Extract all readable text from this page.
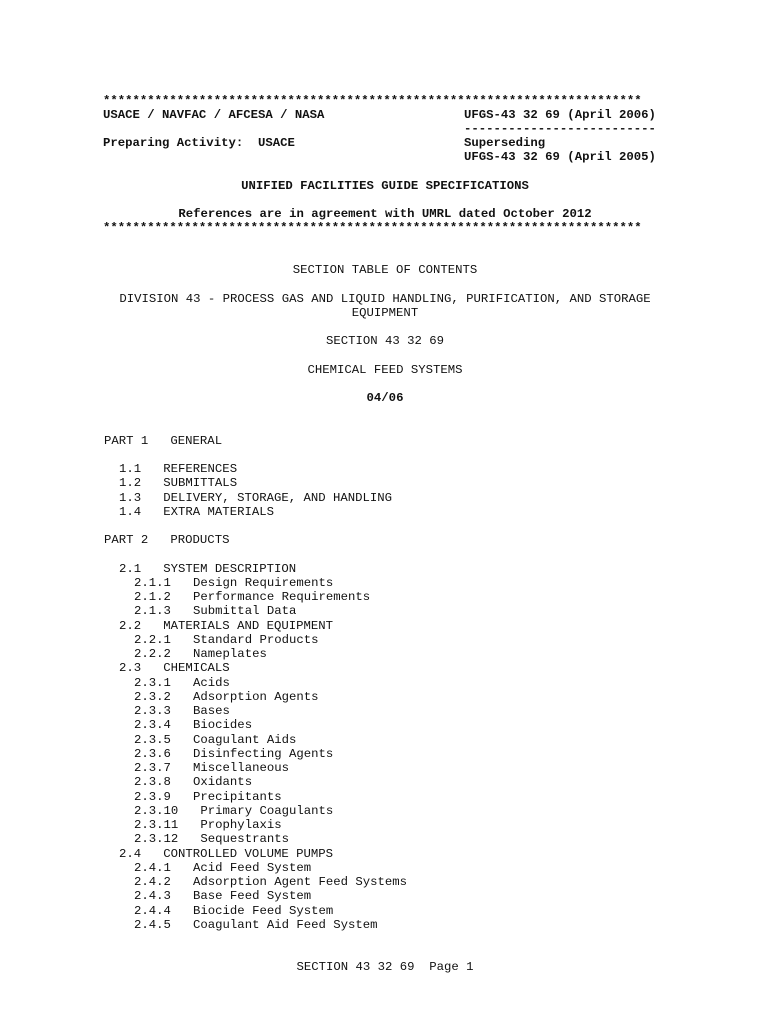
*************************************************************************
USACE / NAVFAC / AFCESA / NASA	UFGS-43 32 69 (April 2006)
--------------------------
Preparing Activity:  USACE	Superseding
UFGS-43 32 69 (April 2005)
UNIFIED FACILITIES GUIDE SPECIFICATIONS
References are in agreement with UMRL dated October 2012
*************************************************************************
SECTION TABLE OF CONTENTS
DIVISION 43 - PROCESS GAS AND LIQUID HANDLING, PURIFICATION, AND STORAGE
EQUIPMENT
SECTION 43 32 69
CHEMICAL FEED SYSTEMS
04/06
PART 1   GENERAL
1.1   REFERENCES
1.2   SUBMITTALS
1.3   DELIVERY, STORAGE, AND HANDLING
1.4   EXTRA MATERIALS
PART 2   PRODUCTS
2.1   SYSTEM DESCRIPTION
2.1.1   Design Requirements
2.1.2   Performance Requirements
2.1.3   Submittal Data
2.2   MATERIALS AND EQUIPMENT
2.2.1   Standard Products
2.2.2   Nameplates
2.3   CHEMICALS
2.3.1   Acids
2.3.2   Adsorption Agents
2.3.3   Bases
2.3.4   Biocides
2.3.5   Coagulant Aids
2.3.6   Disinfecting Agents
2.3.7   Miscellaneous
2.3.8   Oxidants
2.3.9   Precipitants
2.3.10   Primary Coagulants
2.3.11   Prophylaxis
2.3.12   Sequestrants
2.4   CONTROLLED VOLUME PUMPS
2.4.1   Acid Feed System
2.4.2   Adsorption Agent Feed Systems
2.4.3   Base Feed System
2.4.4   Biocide Feed System
2.4.5   Coagulant Aid Feed System
SECTION 43 32 69  Page 1
